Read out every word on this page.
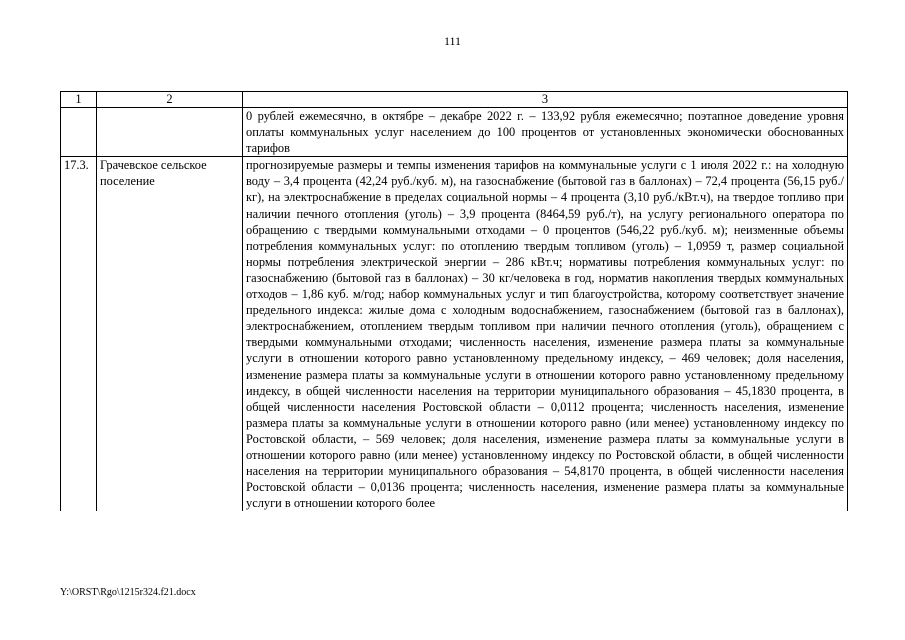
111
1	2	3
		0 рублей ежемесячно, в октябре – декабре 2022 г. – 133,92 рубля ежемесячно; поэтапное доведение уровня оплаты коммунальных услуг населением до 100 процентов от установленных экономически обоснованных тарифов
17.3.	Грачевское сельское поселение	прогнозируемые размеры и темпы изменения тарифов на коммунальные услуги с 1 июля 2022 г.: на холодную воду – 3,4 процента (42,24 руб./куб. м), на газоснабжение (бытовой газ в баллонах) – 72,4 процента (56,15 руб./кг), на электроснабжение в пределах социальной нормы – 4 процента (3,10 руб./кВт.ч), на твердое топливо при наличии печного отопления (уголь) – 3,9 процента (8464,59 руб./т), на услугу регионального оператора по обращению с твердыми коммунальными отходами – 0 процентов (546,22 руб./куб. м); неизменные объемы потребления коммунальных услуг: по отоплению твердым топливом (уголь) – 1,0959 т, размер социальной нормы потребления электрической энергии – 286 кВт.ч; нормативы потребления коммунальных услуг: по газоснабжению (бытовой газ в баллонах) – 30 кг/человека в год, норматив накопления твердых коммунальных отходов – 1,86 куб. м/год; набор коммунальных услуг и тип благоустройства, которому соответствует значение предельного индекса: жилые дома с холодным водоснабжением, газоснабжением (бытовой газ в баллонах), электроснабжением, отоплением твердым топливом при наличии печного отопления (уголь), обращением с твердыми коммунальными отходами; численность населения, изменение размера платы за коммунальные услуги в отношении которого равно установленному предельному индексу, – 469 человек; доля населения, изменение размера платы за коммунальные услуги в отношении которого равно установленному предельному индексу, в общей численности населения на территории муниципального образования – 45,1830 процента, в общей численности населения Ростовской области – 0,0112 процента; численность населения, изменение размера платы за коммунальные услуги в отношении которого равно (или менее) установленному индексу по Ростовской области, – 569 человек; доля населения, изменение размера платы за коммунальные услуги в отношении которого равно (или менее) установленному индексу по Ростовской области, в общей численности населения на территории муниципального образования – 54,8170 процента, в общей численности населения Ростовской области – 0,0136 процента; численность населения, изменение размера платы за коммунальные услуги в отношении которого более
Y:\ORST\Rgo\1215r324.f21.docx
